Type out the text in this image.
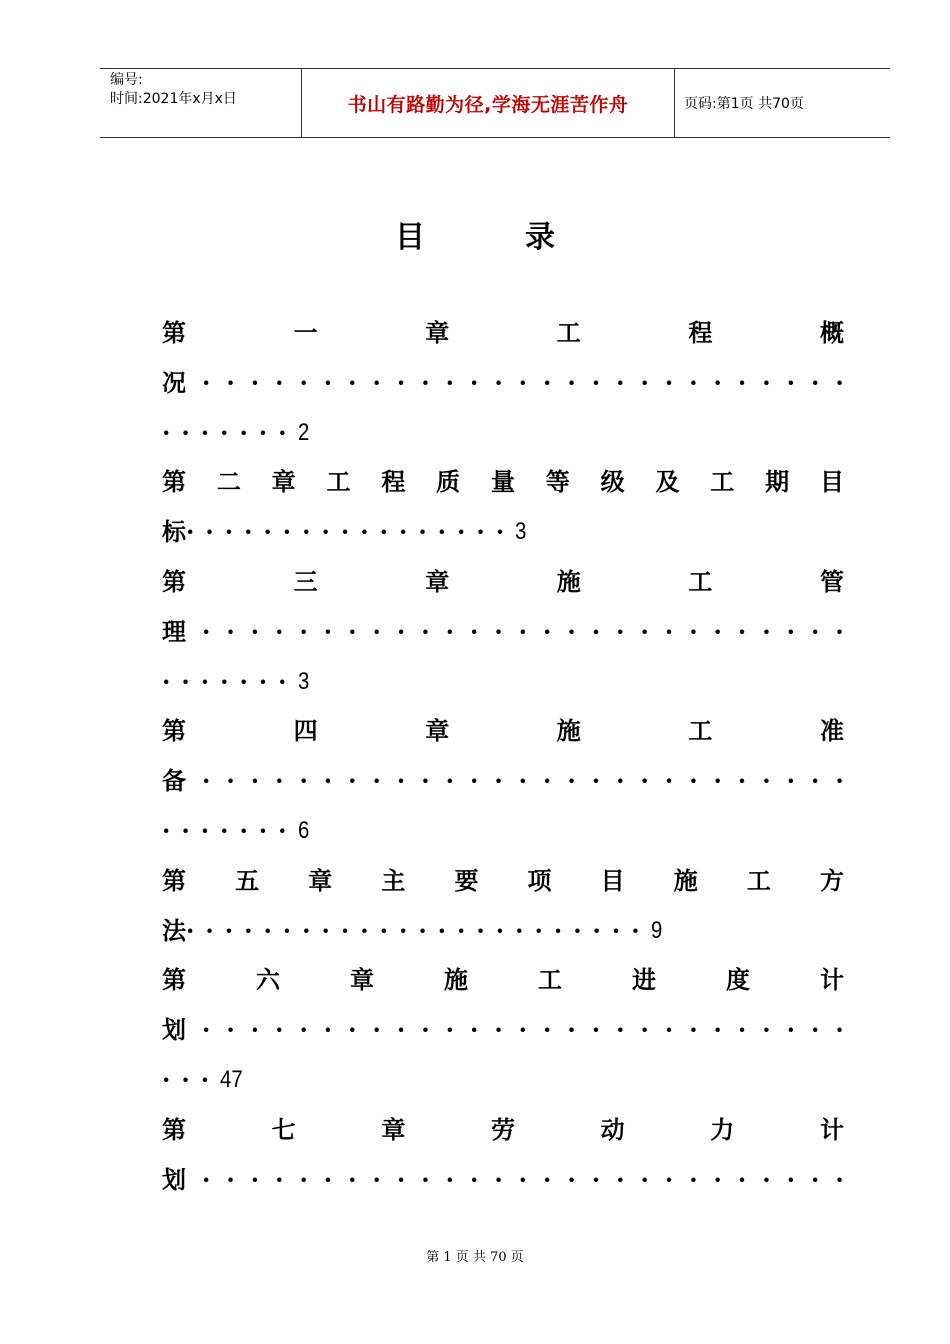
编号:
时间:2021年x月x日	书山有路勤为径,学海无涯苦作舟	页码:第1页 共70页
目录
第	一	章	工	程	概
况 · · · · · · · · · · · · · · · · · · · · · · · · · · ·
· · · · · · · 2
第 二 章 工 程 质 量 等 级 及 工 期 目
标 · · · · · · · · · · · · · · · · · 3
第	三	章	施	工	管
理 · · · · · · · · · · · · · · · · · · · · · · · · · · ·
· · · · · · · 3
第	四	章	施	工	准
备 · · · · · · · · · · · · · · · · · · · · · · · · · · ·
· · · · · · · 6
第 五 章 主 要 项 目 施 工 方
法 · · · · · · · · · · · · · · · · · · · · · · · · 9
第	六	章	施	工	进	度	计
划 · · · · · · · · · · · · · · · · · · · · · · · · · · ·
· · · 47
第	七	章	劳	动	力	计
划 · · · · · · · · · · · · · · · · · · · · · · · · · · ·
第 1 页 共 70 页
